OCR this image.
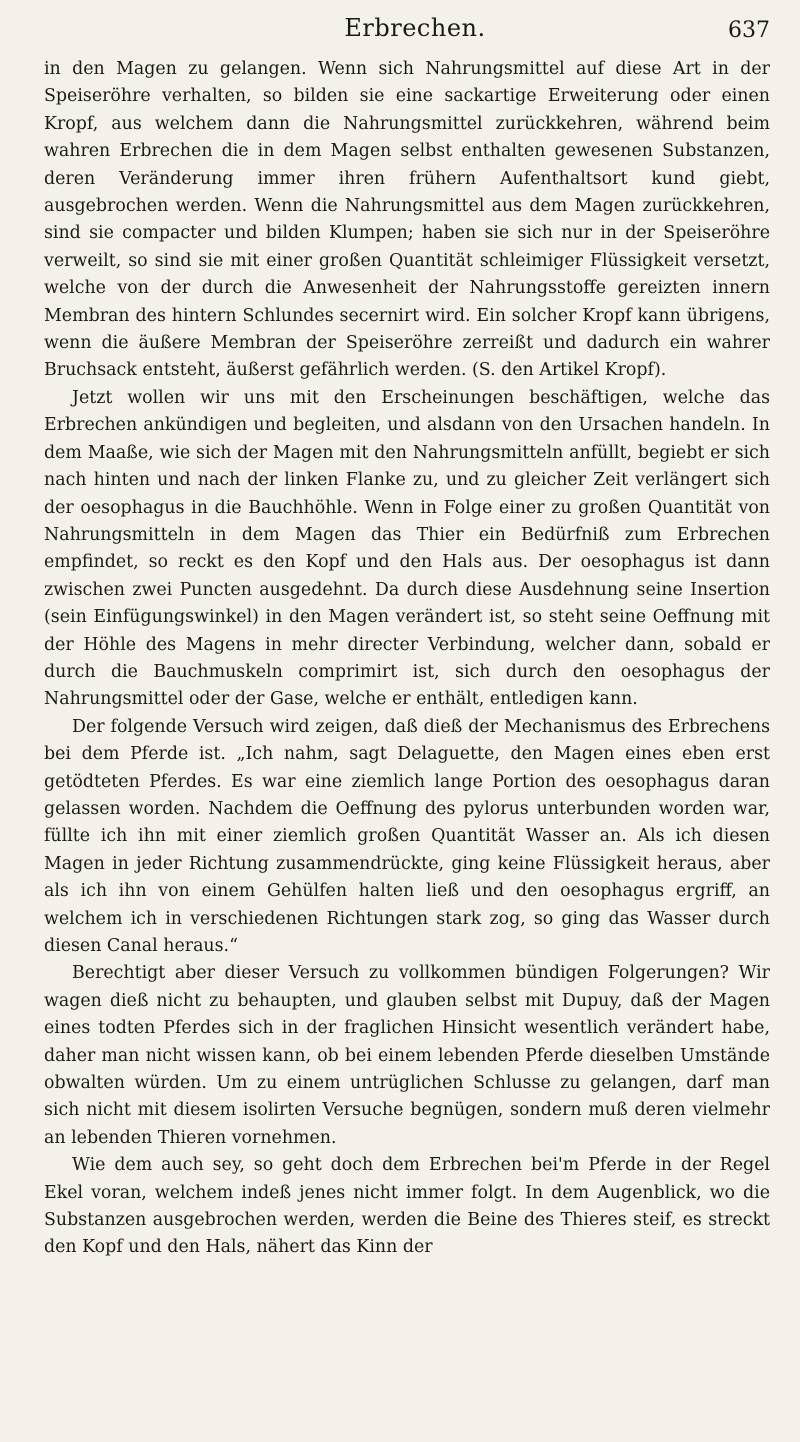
Erbrechen.	637

in den Magen zu gelangen. Wenn sich Nahrungsmittel auf diese Art in der Speiseröhre verhalten, so bilden sie eine sackartige Erweiterung oder einen Kropf, aus welchem dann die Nahrungsmittel zurückkehren, während beim wahren Erbrechen die in dem Magen selbst enthalten gewesenen Substanzen, deren Veränderung immer ihren frühern Aufenthaltsort kund giebt, ausgebrochen werden. Wenn die Nahrungsmittel aus dem Magen zurückkehren, sind sie compacter und bilden Klumpen; haben sie sich nur in der Speiseröhre verweilt, so sind sie mit einer großen Quantität schleimiger Flüssigkeit versetzt, welche von der durch die Anwesenheit der Nahrungsstoffe gereizten innern Membran des hintern Schlundes secernirt wird. Ein solcher Kropf kann übrigens, wenn die äußere Membran der Speiseröhre zerreißt und dadurch ein wahrer Bruchsack entsteht, äußerst gefährlich werden. (S. den Artikel Kropf).

Jetzt wollen wir uns mit den Erscheinungen beschäftigen, welche das Erbrechen ankündigen und begleiten, und alsdann von den Ursachen handeln. In dem Maaße, wie sich der Magen mit den Nahrungsmitteln anfüllt, begiebt er sich nach hinten und nach der linken Flanke zu, und zu gleicher Zeit verlängert sich der oesophagus in die Bauchhöhle. Wenn in Folge einer zu großen Quantität von Nahrungsmitteln in dem Magen das Thier ein Bedürfniß zum Erbrechen empfindet, so reckt es den Kopf und den Hals aus. Der oesophagus ist dann zwischen zwei Puncten ausgedehnt. Da durch diese Ausdehnung seine Insertion (sein Einfügungswinkel) in den Magen verändert ist, so steht seine Oeffnung mit der Höhle des Magens in mehr directer Verbindung, welcher dann, sobald er durch die Bauchmuskeln comprimirt ist, sich durch den oesophagus der Nahrungsmittel oder der Gase, welche er enthält, entledigen kann.

Der folgende Versuch wird zeigen, daß dieß der Mechanismus des Erbrechens bei dem Pferde ist. „Ich nahm, sagt Delaguette, den Magen eines eben erst getödteten Pferdes. Es war eine ziemlich lange Portion des oesophagus daran gelassen worden. Nachdem die Oeffnung des pylorus unterbunden worden war, füllte ich ihn mit einer ziemlich großen Quantität Wasser an. Als ich diesen Magen in jeder Richtung zusammendrückte, ging keine Flüssigkeit heraus, aber als ich ihn von einem Gehülfen halten ließ und den oesophagus ergriff, an welchem ich in verschiedenen Richtungen stark zog, so ging das Wasser durch diesen Canal heraus.“

Berechtigt aber dieser Versuch zu vollkommen bündigen Folgerungen? Wir wagen dieß nicht zu behaupten, und glauben selbst mit Dupuy, daß der Magen eines todten Pferdes sich in der fraglichen Hinsicht wesentlich verändert habe, daher man nicht wissen kann, ob bei einem lebenden Pferde dieselben Umstände obwalten würden. Um zu einem untrüglichen Schlusse zu gelangen, darf man sich nicht mit diesem isolirten Versuche begnügen, sondern muß deren vielmehr an lebenden Thieren vornehmen.

Wie dem auch sey, so geht doch dem Erbrechen bei'm Pferde in der Regel Ekel voran, welchem indeß jenes nicht immer folgt. In dem Augenblick, wo die Substanzen ausgebrochen werden, werden die Beine des Thieres steif, es streckt den Kopf und den Hals, nähert das Kinn der
